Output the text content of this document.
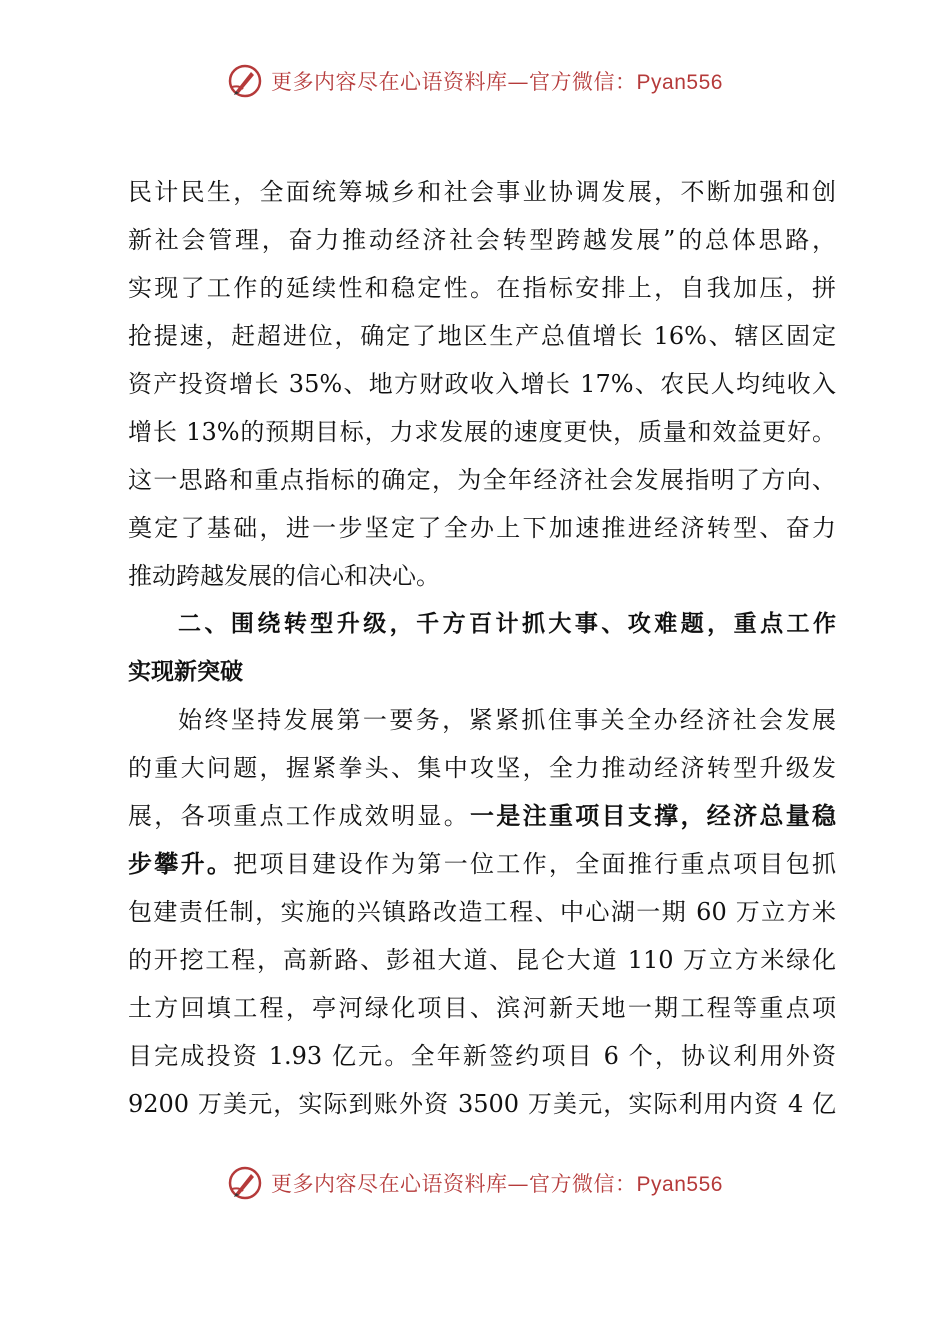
更多内容尽在心语资料库—官方微信：Pyan556
民计民生，全面统筹城乡和社会事业协调发展，不断加强和创
新社会管理，奋力推动经济社会转型跨越发展”的总体思路，
实现了工作的延续性和稳定性。在指标安排上，自我加压，拼
抢提速，赶超进位，确定了地区生产总值增长 16%、辖区固定
资产投资增长 35%、地方财政收入增长 17%、农民人均纯收入
增长 13%的预期目标，力求发展的速度更快，质量和效益更好。
这一思路和重点指标的确定，为全年经济社会发展指明了方向、
奠定了基础，进一步坚定了全办上下加速推进经济转型、奋力
推动跨越发展的信心和决心。
二、围绕转型升级，千方百计抓大事、攻难题，重点工作
实现新突破
始终坚持发展第一要务，紧紧抓住事关全办经济社会发展
的重大问题，握紧拳头、集中攻坚，全力推动经济转型升级发
展，各项重点工作成效明显。一是注重项目支撑，经济总量稳
步攀升。把项目建设作为第一位工作，全面推行重点项目包抓
包建责任制，实施的兴镇路改造工程、中心湖一期 60 万立方米
的开挖工程，高新路、彭祖大道、昆仑大道 110 万立方米绿化
土方回填工程，亭河绿化项目、滨河新天地一期工程等重点项
目完成投资 1.93 亿元。全年新签约项目 6 个，协议利用外资
9200 万美元，实际到账外资 3500 万美元，实际利用内资 4 亿
更多内容尽在心语资料库—官方微信：Pyan556
